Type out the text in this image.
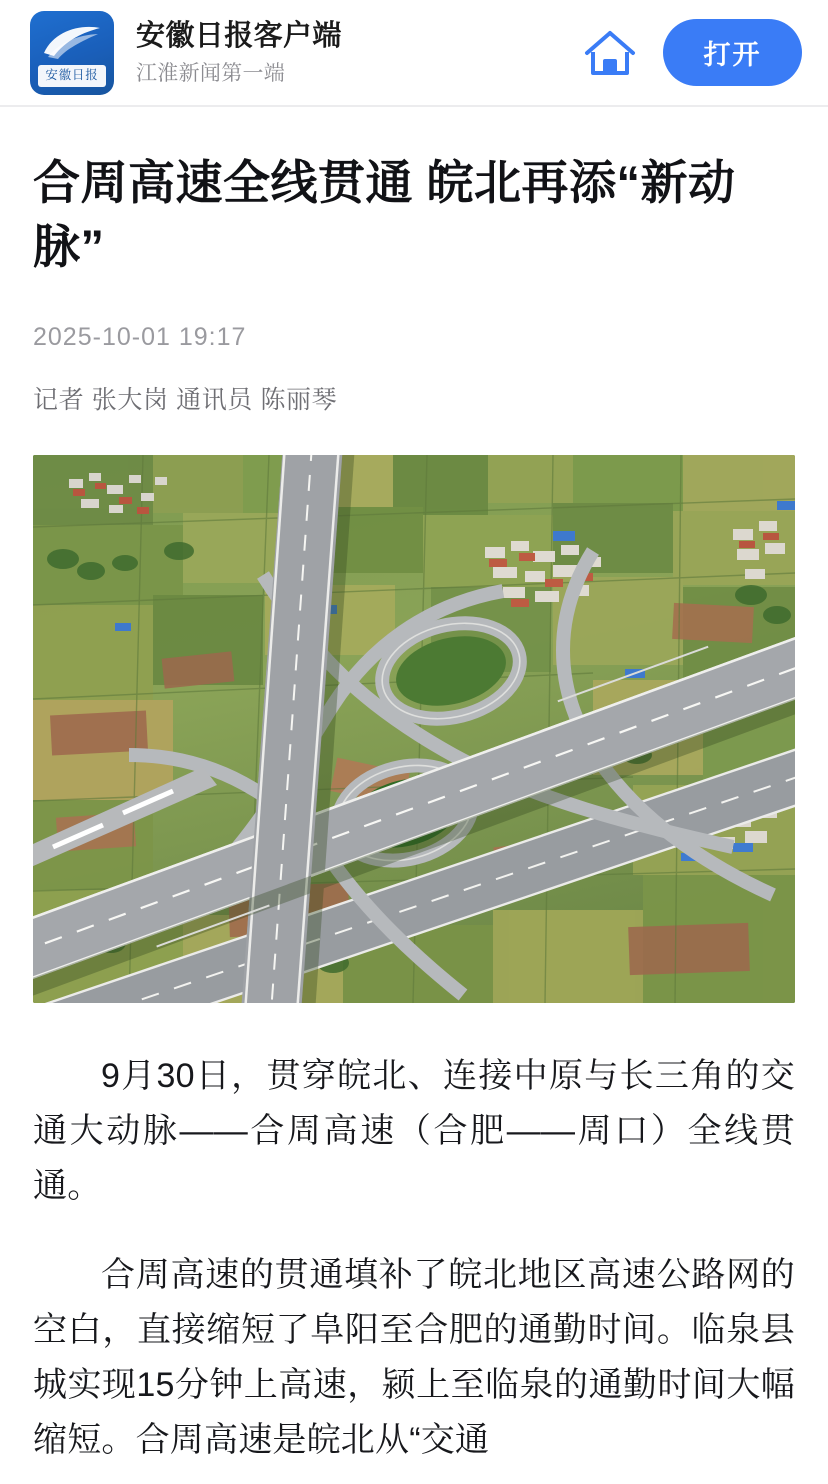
安徽日报
安徽日报客户端
江淮新闻第一端
打开
合周高速全线贯通 皖北再添“新动脉”
2025-10-01 19:17
记者 张大岗 通讯员 陈丽琴

9月30日，贯穿皖北、连接中原与长三角的交通大动脉——合周高速（合肥——周口）全线贯通。

合周高速的贯通填补了皖北地区高速公路网的空白，直接缩短了阜阳至合肥的通勤时间。临泉县城实现15分钟上高速，颍上至临泉的通勤时间大幅缩短。合周高速是皖北从“交通
